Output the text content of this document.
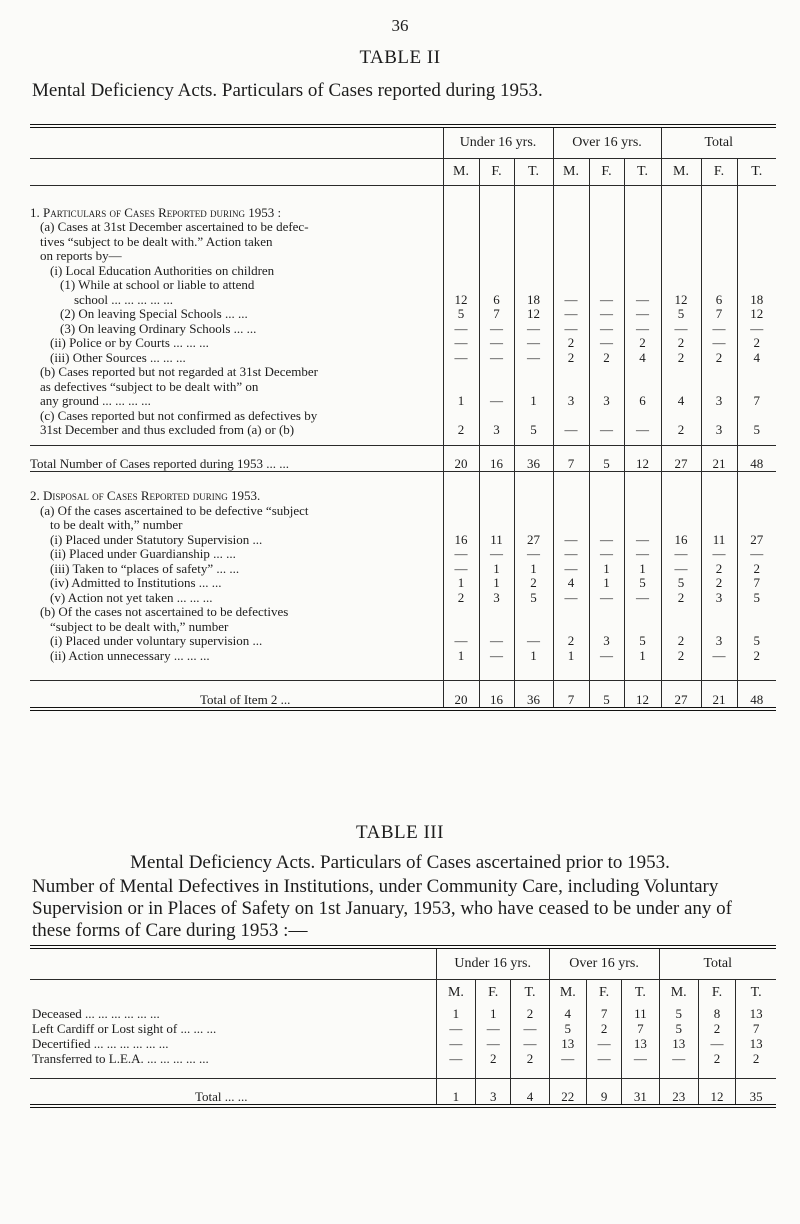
36
TABLE II
Mental Deficiency Acts. Particulars of Cases reported during 1953.
	Under 16 yrs.			Over 16 yrs.			Total		
	M.	F.	T.	M.	F.	T.	M.	F.	T.

1. Particulars of Cases Reported during 1953 :									
(a) Cases at 31st December ascertained to be defec-									
tives “subject to be dealt with.” Action taken									
on reports by—									
(i) Local Education Authorities on children									
(1) While at school or liable to attend									
school ... ... ... ... ...	12	6	18	—	—	—	12	6	18
(2) On leaving Special Schools ... ...	5	7	12	—	—	—	5	7	12
(3) On leaving Ordinary Schools ... ...	—	—	—	—	—	—	—	—	—
(ii) Police or by Courts ... ... ...	—	—	—	2	—	2	2	—	2
(iii) Other Sources ... ... ...	—	—	—	2	2	4	2	2	4
(b) Cases reported but not regarded at 31st December									
as defectives “subject to be dealt with” on									
any ground ... ... ... ...	1	—	1	3	3	6	4	3	7
(c) Cases reported but not confirmed as defectives by									
31st December and thus excluded from (a) or (b)	2	3	5	—	—	—	2	3	5

Total Number of Cases reported during 1953 ... ...	20	16	36	7	5	12	27	21	48

2. Disposal of Cases Reported during 1953.									
(a) Of the cases ascertained to be defective “subject									
to be dealt with,” number									
(i) Placed under Statutory Supervision ...	16	11	27	—	—	—	16	11	27
(ii) Placed under Guardianship ... ...	—	—	—	—	—	—	—	—	—
(iii) Taken to “places of safety” ... ...	—	1	1	—	1	1	—	2	2
(iv) Admitted to Institutions ... ...	1	1	2	4	1	5	5	2	7
(v) Action not yet taken ... ... ...	2	3	5	—	—	—	2	3	5
(b) Of the cases not ascertained to be defectives									
“subject to be dealt with,” number									
(i) Placed under voluntary supervision ...	—	—	—	2	3	5	2	3	5
(ii) Action unnecessary ... ... ...	1	—	1	1	—	1	2	—	2

Total of Item 2 ...	20	16	36	7	5	12	27	21	48
TABLE III
Mental Deficiency Acts. Particulars of Cases ascertained prior to 1953.
Number of Mental Defectives in Institutions, under Community Care, including Voluntary Supervision or in Places of Safety on 1st January, 1953, who have ceased to be under any of these forms of Care during 1953 :—
	Under 16 yrs.			Over 16 yrs.			Total		
	M.	F.	T.	M.	F.	T.	M.	F.	T.
Deceased ... ... ... ... ... ...	1	1	2	4	7	11	5	8	13
Left Cardiff or Lost sight of ... ... ...	—	—	—	5	2	7	5	2	7
Decertified ... ... ... ... ... ...	—	—	—	13	—	13	13	—	13
Transferred to L.E.A. ... ... ... ... ...	—	2	2	—	—	—	—	2	2

Total ... ...	1	3	4	22	9	31	23	12	35
